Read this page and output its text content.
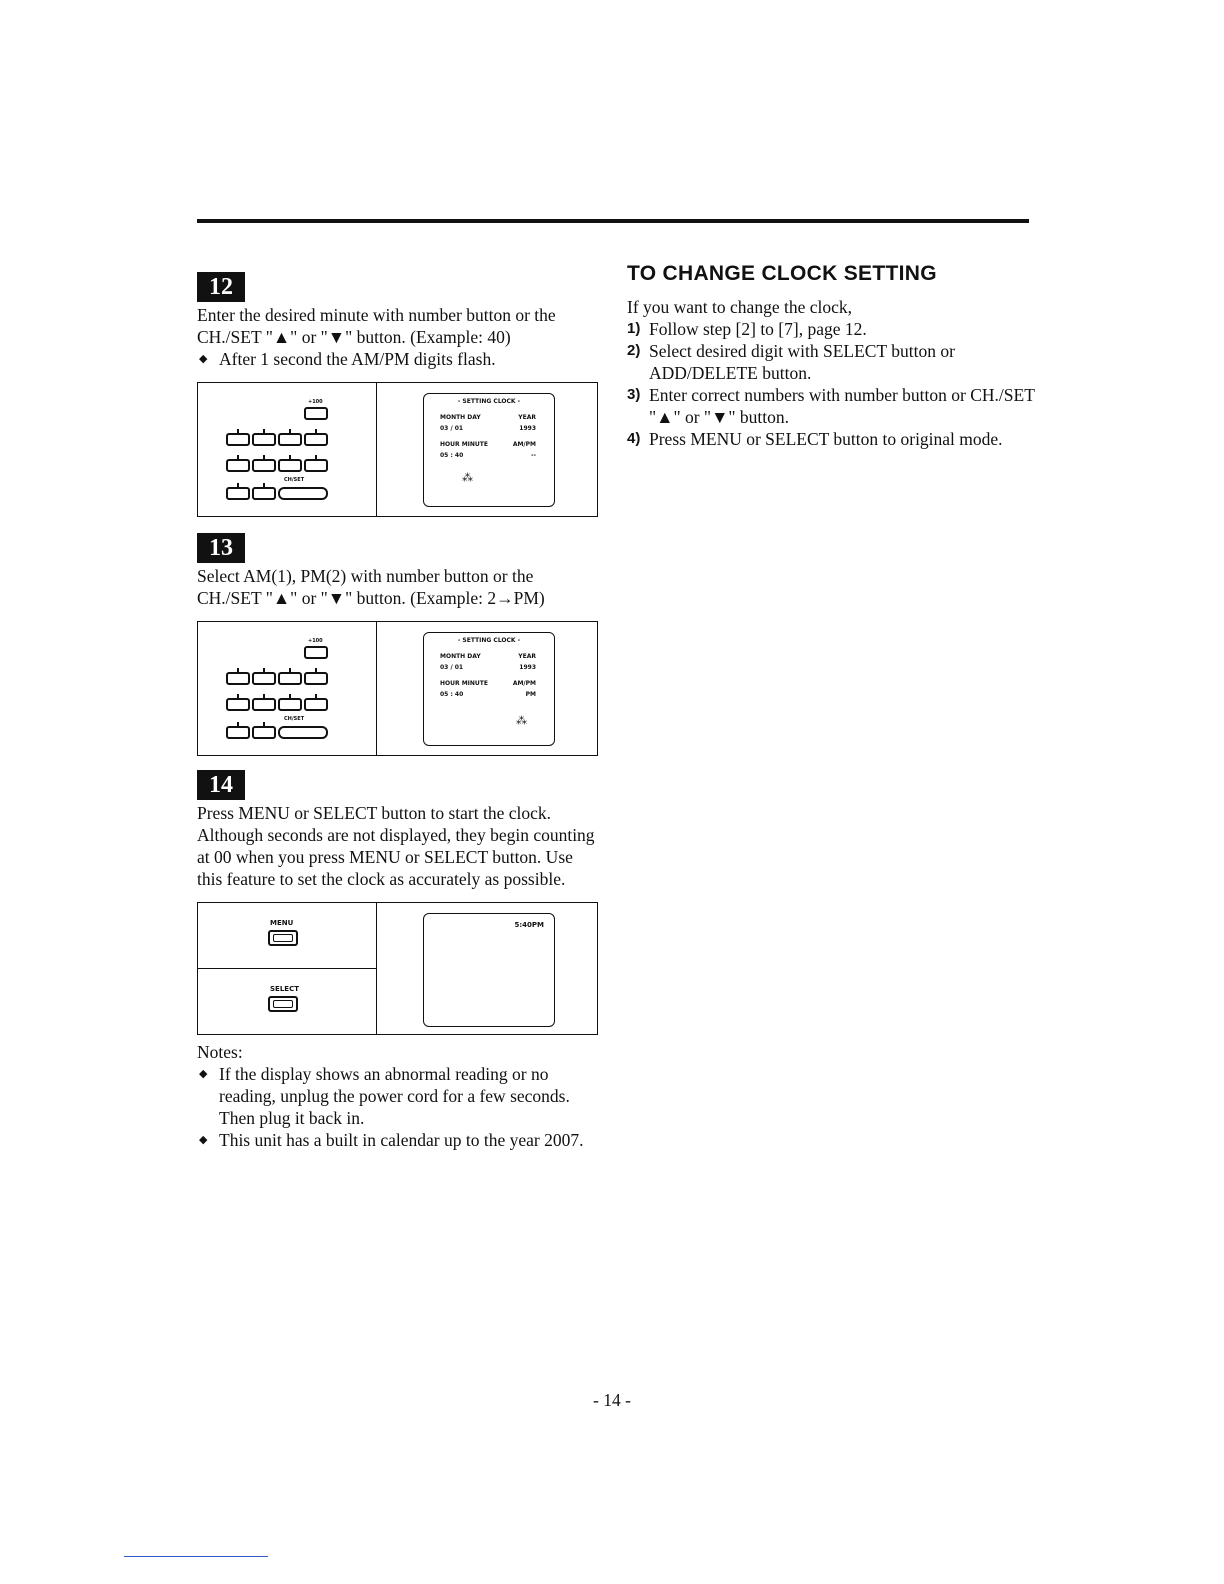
12

Enter the desired minute with number button or the CH./SET "▲" or "▼" button. (Example: 40)

◆ After 1 second the AM/PM digits flash.
+100
CH/SET
- SETTING CLOCK -
MONTH DAY	YEAR
03 / 01	1993
HOUR MINUTE	AM/PM
05 : 40	--
⁂
13

Select AM(1), PM(2) with number button or the CH./SET "▲" or "▼" button. (Example: 2→PM)

+100
CH/SET
- SETTING CLOCK -
MONTH DAY	YEAR
03 / 01	1993
HOUR MINUTE	AM/PM
05 : 40	PM
⁂
14

Press MENU or SELECT button to start the clock. Although seconds are not displayed, they begin counting at 00 when you press MENU or SELECT button. Use this feature to set the clock as accurately as possible.

MENU
SELECT
5:40PM
Notes:
◆ If the display shows an abnormal reading or no reading, unplug the power cord for a few seconds. Then plug it back in.
◆ This unit has a built in calendar up to the year 2007.
TO CHANGE CLOCK SETTING
If you want to change the clock,
1) Follow step [2] to [7], page 12.
2) Select desired digit with SELECT button or ADD/DELETE button.
3) Enter correct numbers with number button or CH./SET "▲" or "▼" button.
4) Press MENU or SELECT button to original mode.
- 14 -
